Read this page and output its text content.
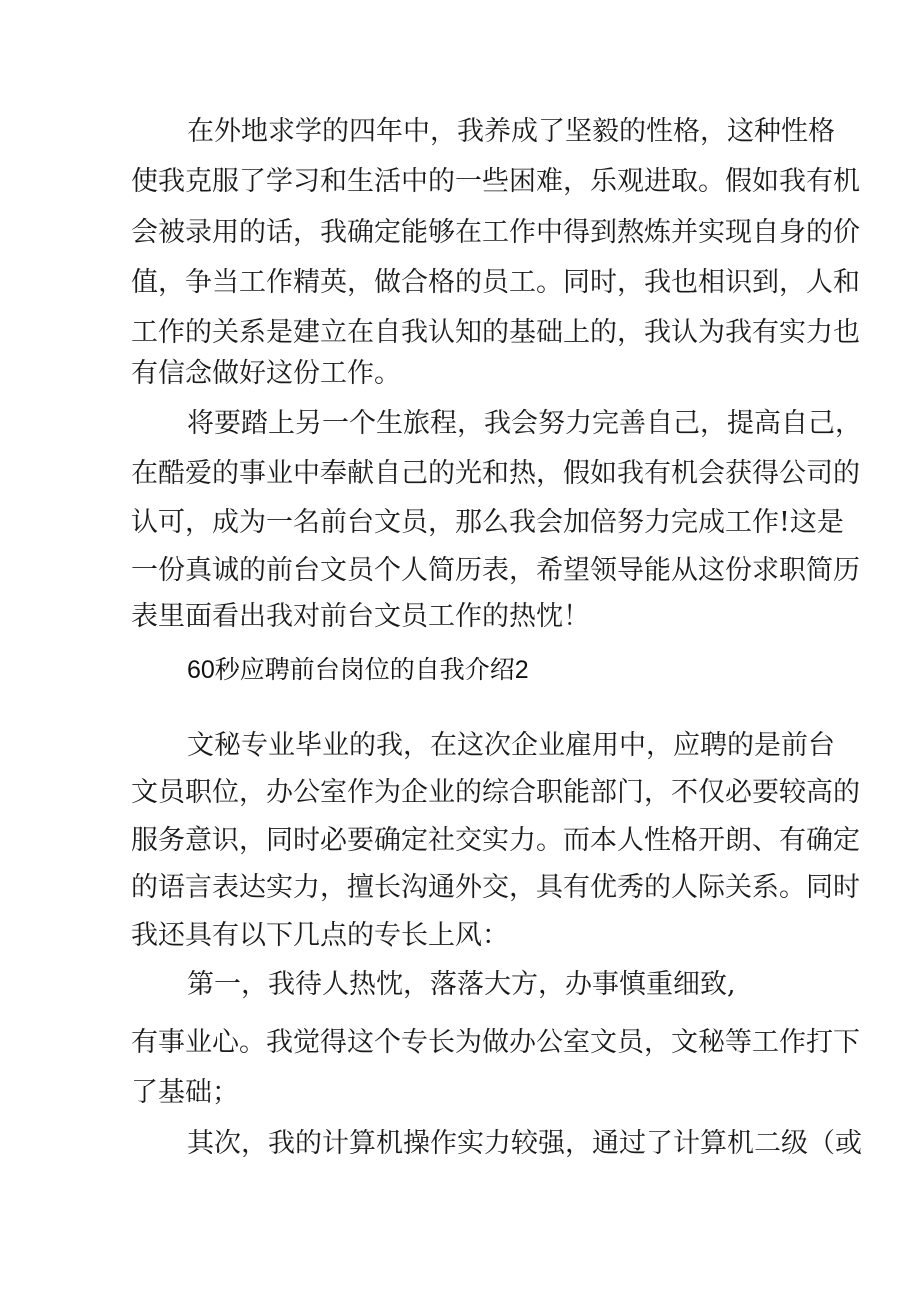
在外地求学的四年中，我养成了坚毅的性格，这种性格
使我克服了学习和生活中的一些困难，乐观进取。假如我有机
会被录用的话，我确定能够在工作中得到熬炼并实现自身的价
值，争当工作精英，做合格的员工。同时，我也相识到，人和
工作的关系是建立在自我认知的基础上的，我认为我有实力也
有信念做好这份工作。
将要踏上另一个生旅程，我会努力完善自己，提高自己，
在酷爱的事业中奉献自己的光和热，假如我有机会获得公司的
认可，成为一名前台文员，那么我会加倍努力完成工作!这是
一份真诚的前台文员个人简历表，希望领导能从这份求职简历
表里面看出我对前台文员工作的热忱！
60秒应聘前台岗位的自我介绍2
文秘专业毕业的我，在这次企业雇用中，应聘的是前台
文员职位，办公室作为企业的综合职能部门，不仅必要较高的
服务意识，同时必要确定社交实力。而本人性格开朗、有确定
的语言表达实力，擅长沟通外交，具有优秀的人际关系。同时
我还具有以下几点的专长上风：
第一，我待人热忱，落落大方，办事慎重细致,
有事业心。我觉得这个专长为做办公室文员，文秘等工作打下
了基础；
其次，我的计算机操作实力较强，通过了计算机二级（或
